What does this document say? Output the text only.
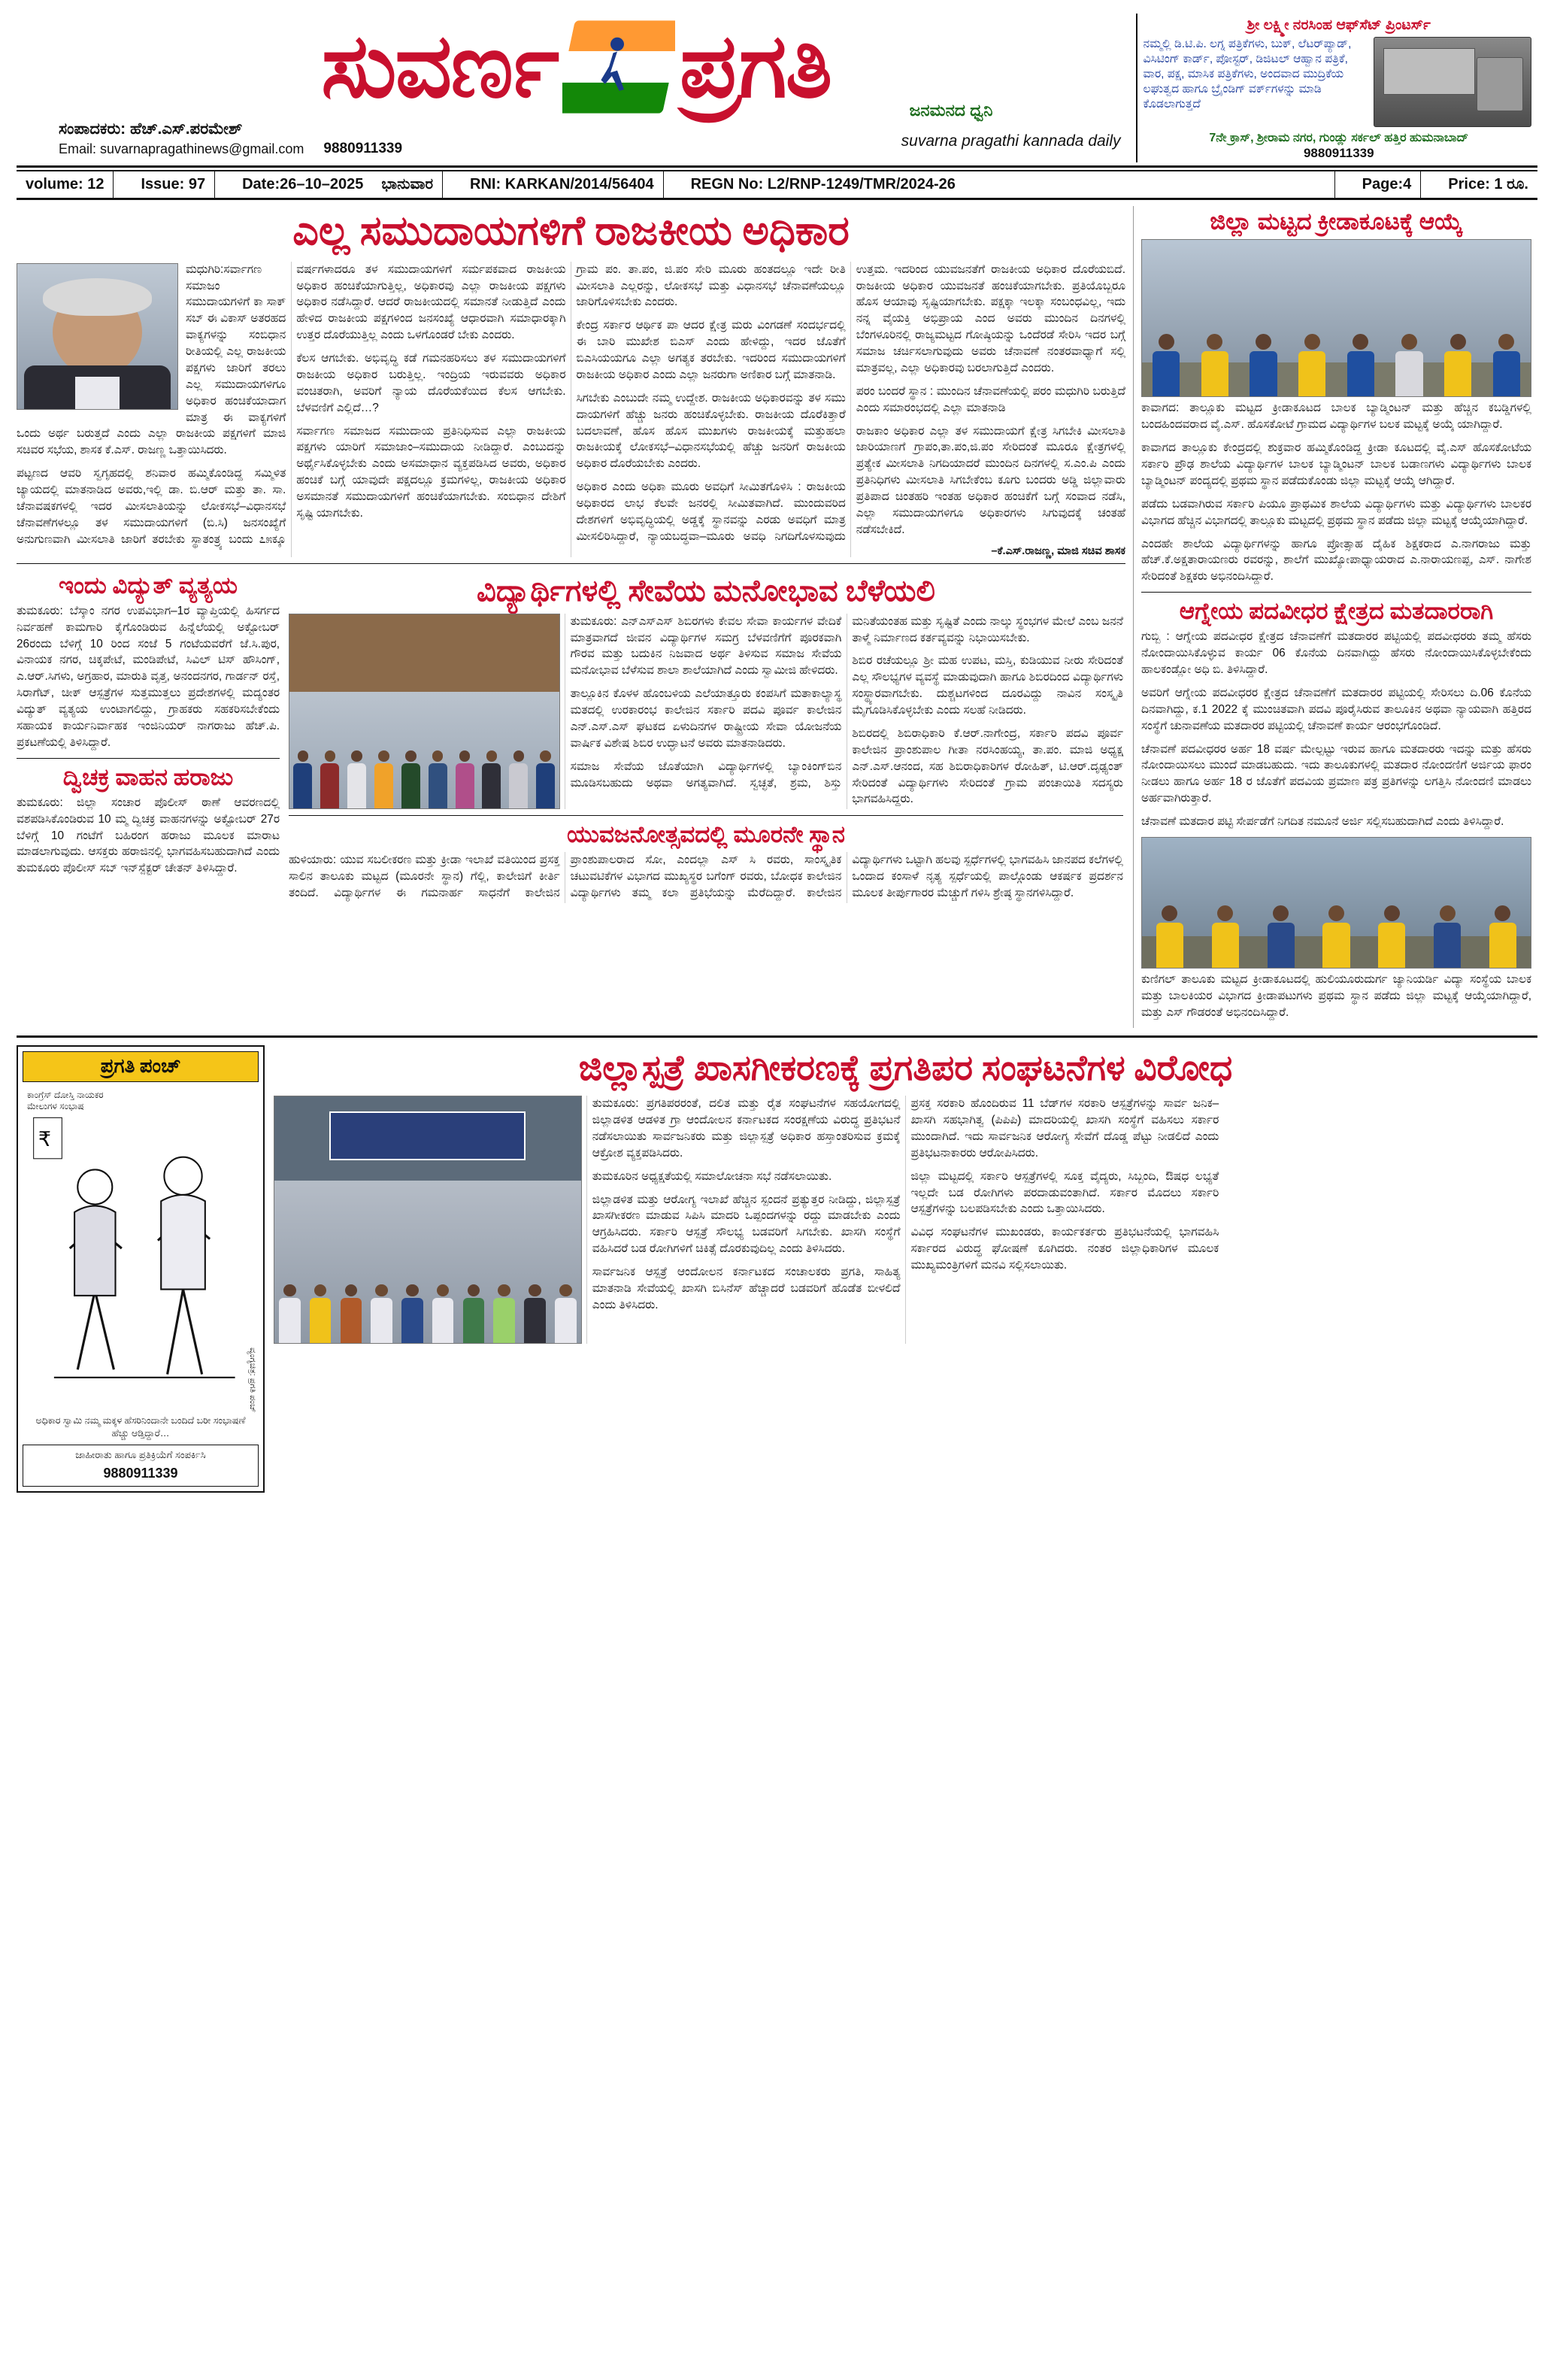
ಸುವರ್ಣ ಪ್ರಗತಿ	ಜನಮನದ ಧ್ವನಿ
ಸಂಪಾದಕರು: ಹೆಚ್.ಎಸ್.ಪರಮೇಶ್
Email: suvarnapragathinews@gmail.com 9880911339	suvarna pragathi kannada daily
ಶ್ರೀ ಲಕ್ಷ್ಮೀ ನರಸಿಂಹ ಆಫ್‌ಸೆಟ್ ಪ್ರಿಂಟರ್ಸ್
ನಮ್ಮಲ್ಲಿ ಡಿ.ಟಿ.ಪಿ. ಲಗ್ನ ಪತ್ರಿಕೆಗಳು, ಬುಕ್, ಲೆಟರ್‌ಪ್ಯಾಡ್, ವಿಸಿಟಿಂಗ್ ಕಾರ್ಡ್, ಪೋಸ್ಟರ್, ಡಿಜಿಟಲ್ ಆಹ್ವಾನ ಪತ್ರಿಕೆ, ವಾರ, ಪಕ್ಷ, ಮಾಸಿಕ ಪತ್ರಿಕೆಗಳು, ಅಂದವಾದ ಮುದ್ರಿಕೆಯ ಲಘುತ್ವದ ಹಾಗೂ ಬ್ರೈಂಡಿಗ್ ವರ್ಕ್‌ಗಳನ್ನು ಮಾಡಿ ಕೊಡಲಾಗುತ್ತದೆ
7ನೇ ಕ್ರಾಸ್, ಶ್ರೀರಾಮ ನಗರ, ಗುಂಡ್ಲು ಸರ್ಕಲ್ ಹತ್ತಿರ ಹುಮನಾಬಾದ್
9880911339
volume: 12	Issue: 97	Date:26–10–2025	ಭಾನುವಾರ	RNI: KARKAN/2014/56404	REGN No: L2/RNP-1249/TMR/2024-26	Page:4	Price: 1 ರೂ.
ಎಲ್ಲ ಸಮುದಾಯಗಳಿಗೆ ರಾಜಕೀಯ ಅಧಿಕಾರ

ಮಧುಗಿರಿ:ಸರ್ವಾಗಣ ಸಮಾಜಂ ಸಮುದಾಯಗಳಿಗೆ ಕಾ ಸಾಕ್ ಸಬ್ ಈ ವಿಕಾಸ್ ಅತರಹದ ವಾಕ್ಯಗಳನ್ನು ಸಂಬಿಧಾನ ರೀತಿಯಲ್ಲಿ ಎಲ್ಲ ರಾಜಕೀಯ ಪಕ್ಷಗಳು ಜಾರಿಗೆ ತರಲು ಎಲ್ಲ ಸಮುದಾಯಗಳಿಗೂ ಅಧಿಕಾರ ಹಂಚಿಕೆಯಾದಾಗ ಮಾತ್ರ ಈ ವಾಕ್ಯಗಳಿಗೆ ಒಂದು ಅರ್ಥ ಬರುತ್ತದೆ ಎಂದು ಎಲ್ಲಾ ರಾಜಕೀಯ ಪಕ್ಷಗಳಿಗೆ ಮಾಜಿ ಸಚಿವರ ಸಭೆಯ, ಶಾಸಕ ಕೆ.ಎಸ್. ರಾಜಣ್ಣ ಒತ್ತಾಯಿಸಿದರು.

ಪಟ್ಟಣದ ಆವರಿ ಸ್ವಗೃಹದಲ್ಲಿ ಶನಿವಾರ ಹಮ್ಮಿಕೊಂಡಿದ್ದ ಸಮ್ಮಿಳಿತ ಜ್ಯಾಯದಲ್ಲಿ ಮಾತನಾಡಿದ ಅವರು,ಇಲ್ಲಿ ಡಾ. ಬಿ.ಆರ್ ಮತ್ತು ತಾ. ಸಾ. ಚೆನಾವಷಕಗಳಲ್ಲಿ ಇದರ ಮೀಸಲಾತಿಯನ್ನು ಲೋಕಸಭೆ–ವಿಧಾನಸಭೆ ಚೆನಾವಣೆಗಳಲ್ಲೂ ತಳ ಸಮುದಾಯಗಳಿಗೆ (ಬಿ.ಸಿ) ಜನಸಂಖ್ಯೆಗೆ ಅನುಗುಣವಾಗಿ ಮೀಸಲಾತಿ ಜಾರಿಗೆ ತರಬೇಕು ಸ್ಥಾತಂತ್ರ್ಯ ಬಂದು ೭೫ಕ್ಕೂ ವರ್ಷಗಳಾದರೂ ತಳ ಸಮುದಾಯಗಳಿಗೆ ಸರ್ಮಪಕವಾದ ರಾಜಕೀಯ ಅಧಿಕಾರ ಹಂಚಿಕೆಯಾಗುತ್ತಿಲ್ಲ, ಅಧಿಕಾರವು ಎಲ್ಲಾ ರಾಜಕೀಯ ಪಕ್ಷಗಳು ಅಧಿಕಾರ ನಡೆಸಿದ್ದಾರೆ. ಆದರೆ ರಾಜಕೀಯದಲ್ಲಿ ಸಮಾನತೆ ನೀಡುತ್ತಿದೆ ಎಂದು ಹೇಳಿದ ರಾಜಕೀಯ ಪಕ್ಷಗಳಿಂದ ಜನಸಂಖ್ಯೆ ಆಧಾರವಾಗಿ ಸಮಾಧಾರಕ್ಕಾಗಿ ಉತ್ತರ ದೊರೆಯುತ್ತಿಲ್ಲ ಎಂದು ಒಳಗೊಂಡರೆ ಬೇಕು ಎಂದರು.

ಕೆಲಸ ಆಗಬೇಕು. ಅಭಿವೃದ್ಧಿ ಕಡೆ ಗಮನಹರಿಸಲು ತಳ ಸಮುದಾಯಗಳಿಗೆ ರಾಜಕೀಯ ಅಧಿಕಾರ ಬರುತ್ತಿಲ್ಲ. ಇಂದ್ರಿಯ ಇರುವವರು ಅಧಿಕಾರ ವಂಚಿತರಾಗಿ, ಅವರಿಗೆ ನ್ಯಾಯ ದೊರೆಯಕೆಯಿದ ಕೆಲಸ ಆಗಬೇಕು. ಬೆಳವಣಿಗೆ ಎಲ್ಲಿದೆ…?

ಸರ್ವಾಗಣ ಸಮಾಜದ ಸಮುದಾಯ ಪ್ರತಿನಿಧಿಸುವ ಎಲ್ಲಾ ರಾಜಕೀಯ ಪಕ್ಷಗಳು ಯಾರಿಗೆ ಸಮಾಜಾಂ–ಸಮುದಾಯ ನೀಡಿದ್ದಾರೆ. ಎಂಬುದನ್ನು ಅರ್ಥೈಸಿಕೊಳ್ಳಬೇಕು ಎಂದು ಅಸಮಾಧಾನ ವ್ಯಕ್ತಪಡಿಸಿದ ಅವರು, ಅಧಿಕಾರ ಹಂಚಿಕೆ ಬಗ್ಗೆ ಯಾವುದೇ ಪಕ್ಷದಲ್ಲೂ ಕ್ರಮಗಳಿಲ್ಲ, ರಾಜಕೀಯ ಅಧಿಕಾರ ಅಸಮಾನತೆ ಸಮುದಾಯಗಳಿಗೆ ಹಂಚಿಕೆಯಾಗಬೇಕು. ಸಂಬಿಧಾನ ದೇಶಿಗೆ ಸೃಷ್ಟಿ ಯಾಗಬೇಕು.

ಗ್ರಾಮ ಪಂ. ತಾ.ಪಂ, ಜಿ.ಪಂ ಸೇರಿ ಮೂರು ಹಂತದಲ್ಲೂ ಇದೇ ರೀತಿ ಮೀಸಲಾತಿ ಎಲ್ಲರನ್ನು, ಲೋಕಸಭೆ ಮತ್ತು ವಿಧಾನಸಭೆ ಚೆನಾವಣೆಯಲ್ಲೂ ಜಾರಿಗೊಳಿಸಬೇಕು ಎಂದರು.

ಕೇಂದ್ರ ಸರ್ಕಾರ ಆರ್ಥಿಕ ಪಾ ಆದರ ಕ್ಷೇತ್ರ ಮರು ವಿಂಗಡಣೆ ಸಂದರ್ಭದಲ್ಲಿ ಈ ಬಾರಿ ಮುಖೇಶ ಬಿಎಸ್ ಎಂದು ಹೇಳಿದ್ದು, ಇದರ ಜೊತೆಗೆ ಬಿಎಸಿಯಯಗೂ ಎಲ್ಲಾ ಅಗತ್ಯಕ ತರಬೇಕು. ಇದರಿಂದ ಸಮುದಾಯಗಳಿಗೆ ರಾಜಕೀಯ ಅಧಿಕಾರ ಎಂದು ಎಲ್ಲಾ ಜನರುಗಾ ಅಣಿಕಾರ ಬಗ್ಗೆ ಮಾತನಾಡಿ.

ಸಿಗಬೇಕು ಎಂಬುದೇ ನಮ್ಮ ಉದ್ದೇಶ. ರಾಜಕೀಯ ಅಧಿಕಾರವನ್ನು ತಳ ಸಮು ದಾಯಗಳಿಗೆ ಹೆಚ್ಚು ಜನರು ಹಂಚಿಕೊಳ್ಳಬೇಕು. ರಾಜಕೀಯ ದೊರೆಕಿತ್ತಾರೆ ಬದಲಾವಣೆ, ಹೊಸ ಹೊಸ ಮುಖಗಳು ರಾಜಕೀಯಕ್ಕೆ ಮತ್ತುಹಲಾ ರಾಜಕೀಯಕ್ಕೆ ಲೋಕಸಭೆ–ವಿಧಾನಸಭೆಯಲ್ಲಿ ಹೆಚ್ಚು ಜನರಿಗೆ ರಾಜಕೀಯ ಅಧಿಕಾರ ದೊರೆಯಬೇಕು ಎಂದರು.

ಅಧಿಕಾರ ಎಂದು ಅಧಿಕಾ ಮೂರು ಅವಧಿಗೆ ಸೀಮಿತಗೊಳಿಸಿ : ರಾಜಕೀಯ ಅಧಿಕಾರದ ಲಾಭ ಕೆಲವೇ ಜನರಲ್ಲಿ ಸೀಮಿತವಾಗಿದೆ. ಮುಂದುವರಿದ ದೇಶಗಳಿಗೆ ಅಭಿವೃದ್ಧಿಯಲ್ಲಿ ಅಡ್ಡಕ್ಕೆ ಸ್ಥಾನವನ್ನು ಎರಡು ಅವಧಿಗೆ ಮಾತ್ರ ಮೀಸಲಿರಿಸಿದ್ದಾರೆ, ನ್ಯಾಯಬದ್ಧವಾ–ಮೂರು ಅವಧಿ ನಿಗದಿಗೊಳಸುವುದು ಉತ್ತಮ. ಇದರಿಂದ ಯುವಜನತೆಗೆ ರಾಜಕೀಯ ಅಧಿಕಾರ ದೊರೆಯಬಿದೆ. ರಾಜಕೀಯ ಅಧಿಕಾರ ಯುವಜನತೆ ಹಂಚಿಕೆಯಾಗಬೇಕು. ಪ್ರತಿಯೊಬ್ಬರೂ ಹೊಸ ಆಯಾವು ಸೃಷ್ಟಿಯಾಗಬೇಕು. ಪಕ್ಷಕ್ಕಾ ಇಲಕ್ಕಾ ಸಂಬಂಧವಿಲ್ಲ, ಇದು ನನ್ನ ವೈಯಕ್ತಿ ಅಭಿಪ್ರಾಯ ಎಂದ ಅವರು ಮುಂದಿನ ದಿನಗಳಲ್ಲಿ ಬೆಂಗಳೂರಿನಲ್ಲಿ ರಾಜ್ಯಮಟ್ಟದ ಗೋಷ್ಠಿಯನ್ನು ಒಂದೆರಡೆ ಸೇರಿಸಿ ಇದರ ಬಗ್ಗೆ ಸಮಾಜ ಚರ್ಚಿಸಲಾಗುವುದು ಅವರು ಚೆನಾವಣೆ ನಂತರವಾಧ್ಯಾಗೆ ಸಲ್ಲಿ ಮಾತ್ರವಲ್ಲ, ಎಲ್ಲಾ ಅಧಿಕಾರವು ಬರಲಾಗುತ್ತಿದೆ ಎಂದರು.

ಪರಂ ಬಂದರೆ ಸ್ಥಾನ : ಮುಂದಿನ ಚೆನಾವಣೆಯಲ್ಲಿ ಪರಂ ಮಧುಗಿರಿ ಬರುತ್ತಿದೆ ಎಂದು ಸಮಾರಂಭದಲ್ಲಿ ಎಲ್ಲಾ ಮಾತನಾಡಿ

ರಾಜಕಾಂ ಅಧಿಕಾರ ಎಲ್ಲಾ ತಳ ಸಮುದಾಯಗೆ ಕ್ಷೇತ್ರ ಸಿಗಬೇಕಿ ಮೀಸಲಾತಿ ಜಾರಿಯಾಣಗೆ ಗ್ರಾಪಂ,ತಾ.ಪಂ,ಜಿ.ಪಂ ಸೇರಿದಂತೆ ಮೂರೂ ಕ್ಷೇತ್ರಗಳಲ್ಲಿ ಪ್ರತ್ಯೇಕ ಮೀಸಲಾತಿ ನಿಗದಿಯಾದರೆ ಮುಂದಿನ ದಿನಗಳಲ್ಲಿ ಸ.ಎಂ.ಪಿ ಎಂದು ಪ್ರತಿನಿಧಿಗಳು ಮೀಸಲಾತಿ ಸಿಗಬೇಕೆಂಬ ಕೂಗು ಬಂದರು ಅಡ್ಡಿ ಜಿಲ್ಲಾವಾರು ಪ್ರತಿಪಾದ ಚಿಂತಹರಿ ಇಂತಹ ಅಧಿಕಾರ ಹಂಚಿಕೆಗೆ ಬಗ್ಗೆ ಸಂವಾದ ನಡೆಸಿ, ಎಲ್ಲಾ ಸಮುದಾಯಗಳಿಗೂ ಅಧಿಕಾರಗಳು ಸಿಗುವುದಕ್ಕೆ ಚಂತಹೆ ನಡೆಸಬೇಕಿದೆ.

–ಕೆ.ಎಸ್.ರಾಜಣ್ಣ, ಮಾಜಿ ಸಚಿವ ಶಾಸಕ
ಇಂದು ವಿದ್ಯುತ್ ವ್ಯತ್ಯಯ

ತುಮಕೂರು: ಬೆಸ್ಕಾಂ ನಗರ ಉಪವಿಭಾಗ–1ರ ವ್ಯಾಪ್ತಿಯಲ್ಲಿ ಹಿಸರ್ಗದ ನಿರ್ವಹಣೆ ಕಾಮಗಾರಿ ಕೈಗೊಂಡಿರುವ ಹಿನ್ನೆಲೆಯಲ್ಲಿ ಅಕ್ಟೋಬರ್ 26ರಂದು ಬೆಳಿಗ್ಗೆ 10 ರಿಂದ ಸಂಜೆ 5 ಗಂಟೆಯವರೆಗೆ ಜೆ.ಸಿ.ಪುರ, ವಿನಾಯಕ ನಗರ, ಚಿಕ್ಕಪೇಟೆ, ಮಂಡಿಪೇಟೆ, ಸಿವಿಲ್ ಟಿಸ್‌ ಹೌಸಿಂಗ್, ಎ.ಆರ್.ಸಿಗಳು, ಅಗ್ರಹಾರ, ಮಾರುತಿ ವೃತ್ತ, ಅನಂದನಗರ, ಗಾರ್ಡನ್ ರಸ್ತೆ, ಸಿರಾಗೆಟ್, ಚೀಕ್ ಆಸ್ಪತ್ರೆಗಳ ಸುತ್ತಮುತ್ತಲು ಪ್ರದೇಶಗಳಲ್ಲಿ ಮದ್ಯಂತರ ವಿದ್ಯುತ್ ವ್ಯತ್ಯಯ ಉಂಟಾಗಲಿದ್ದು, ಗ್ರಾಹಕರು ಸಹಕರಿಸಬೇಕೆಂದು ಸಹಾಯಕ ಕಾರ್ಯನಿರ್ವಾಹಕ ಇಂಜಿನಿಯರ್ ನಾಗರಾಜು ಹೆಚ್.ಪಿ. ಪ್ರಕಟಣೆಯಲ್ಲಿ ತಿಳಿಸಿದ್ದಾರೆ.

ದ್ವಿಚಕ್ರ ವಾಹನ ಹರಾಜು

ತುಮಕೂರು: ಜಿಲ್ಲಾ ಸಂಚಾರ ಪೊಲೀಸ್ ಠಾಣೆ ಆವರಣದಲ್ಲಿ ವಶಪಡಿಸಿಕೊಂಡಿರುವ 10 ಮ್ಮ ದ್ವಿಚಕ್ರ ವಾಹನಗಳನ್ನು ಅಕ್ಟೋಬರ್ 27ರ ಬೆಳಿಗ್ಗೆ 10 ಗಂಟೆಗೆ ಬಹಿರಂಗ ಹರಾಜು ಮೂಲಕ ಮಾರಾಟ ಮಾಡಲಾಗುವುದು. ಆಸಕ್ತರು ಹರಾಜಿನಲ್ಲಿ ಭಾಗವಹಿಸಬಹುದಾಗಿದೆ ಎಂದು ತುಮಕೂರು ಪೊಲೀಸ್ ಸಬ್ ಇನ್‌ಸ್ಪೆಕ್ಟರ್ ಚೇತನ್ ತಿಳಿಸಿದ್ದಾರೆ.

ವಿದ್ಯಾರ್ಥಿಗಳಲ್ಲಿ ಸೇವೆಯ ಮನೋಭಾವ ಬೆಳೆಯಲಿ

ತುಮಕೂರು: ಎನ್‌ಎಸ್‌ಎಸ್ ಶಿಬಿರಗಳು ಕೇವಲ ಸೇವಾ ಕಾರ್ಯಗಳ ವೇದಿಕೆ ಮಾತ್ರವಾಗದೆ ಜೀವನ ವಿದ್ಯಾರ್ಥಿಗಳ ಸಮಗ್ರ ಬೆಳವಣಿಗೆಗೆ ಪೂರಕವಾಗಿ ಗೌರವ ಮತ್ತು ಬದುಕಿನ ನಿಜವಾದ ಅರ್ಥ ತಿಳಿಸುವ ಸಮಾಜ ಸೇವೆಯ ಮನೋಭಾವ ಬೆಳೆಸುವ ಶಾಲಾ ಶಾಲೆಯಾಗಿದೆ ಎಂದು ಸ್ವಾಮೀಜಿ ಹೇಳಿದರು.

ತಾಲ್ಲೂಕಿನ ಕೊಳಳ ಹೊಂಬಳಿಯ ಎಲೆಯಾತ್ತೂರು ಕಂಪಸಿಗೆ ಮತಾಕಾಲ್ಯಾಸ್ಥ ಮತದಲ್ಲಿ ಉರಕಾರಂಭ ಕಾಲೇಜಿನ ಸರ್ಕಾರಿ ಪದವಿ ಪೂರ್ವ ಕಾಲೇಜಿನ ಎನ್.ಎಸ್.ಎಸ್ ಘಟಕದ ಏಳುದಿನಗಳ ರಾಷ್ಟ್ರೀಯ ಸೇವಾ ಯೋಜನೆಯ ವಾರ್ಷಿಕ ವಿಶೇಷ ಶಿಬಿರ ಉದ್ಘಾಟನೆ ಅವರು ಮಾತನಾಡಿದರು.

ಸಮಾಜ ಸೇವೆಯ ಜೊತೆಯಾಗಿ ವಿದ್ಯಾರ್ಥಿಗಳಲ್ಲಿ ಬ್ಯಾಂಕಿಂಗ್‌ಬಿನ ಮೂಡಿಸಬಹುದು ಅಥವಾ ಅಗತ್ಯವಾಗಿದೆ. ಸ್ವಚ್ಛತೆ, ಶ್ರಮ, ಶಿಸ್ತು ಮನಿತೆಯಂತಹ ಮತ್ತು ಸೃಷ್ಟಿತೆ ಎಂದು ನಾಲ್ಕು ಸ್ಥಂಭಗಳ ಮೇಲೆ ಎಂಬ ಜನನೆ ತಾಳ್ಮೆ ನಿರ್ಮಾಣದ ಕರ್ತವ್ಯವನ್ನು ನಿಭಾಯಿಸಬೇಕು.

ಶಿಬಿರ ರಚೆಯಲ್ಲೂ ಶ್ರೀ ಮಹ ಉಪಟ, ಮಸ್ತಿ, ಕುಡಿಯುವ ನೀರು ಸೇರಿದಂತೆ ಎಲ್ಲ ಸೌಲಭ್ಯಗಳ ವ್ಯವಸ್ಥೆ ಮಾಡುವುದಾಗಿ ಹಾಗೂ ಶಿಬಿರದಿಂದ ವಿದ್ಯಾರ್ಥಿಗಳು ಸಂಸ್ಥ್ಯಾರವಾಗಬೇಕು. ದುಶ್ಚಟಗಳಿಂದ ದೂರವಿದ್ದು ನಾವಿನ ಸಂಸ್ಕೃತಿ ಮೈಗೂಡಿಸಿಕೊಳ್ಳಬೇಕು ಎಂದು ಸಲಹೆ ನೀಡಿದರು.

ಶಿಬಿರದಲ್ಲಿ ಶಿಬಿರಾಧಿಕಾರಿ ಕೆ.ಆರ್.ನಾಗೇಂದ್ರ, ಸರ್ಕಾರಿ ಪದವಿ ಪೂರ್ವ ಕಾಲೇಜಿನ ಪ್ರಾಂಶುಪಾಲ ಗೀತಾ ನರಸಿಂಹಯ್ಯ, ತಾ.ಪಂ. ಮಾಜಿ ಅಧ್ಯಕ್ಷ ಎನ್.ಎಸ್.ಆನಂದ, ಸಹ ಶಿಬಿರಾಧಿಕಾರಿಗಳ ರೋಹಿತ್, ಟಿ.ಆರ್.ದೃಢ್ಯಂತ್ ಸೇರಿದಂತೆ ವಿದ್ಯಾರ್ಥಿಗಳು ಸೇರಿದಂತೆ ಗ್ರಾಮ ಪಂಚಾಯಿತಿ ಸದಸ್ಯರು ಭಾಗವಹಿಸಿದ್ದರು.

ಯುವಜನೋತ್ಸವದಲ್ಲಿ ಮೂರನೇ ಸ್ಥಾನ

ಹುಳಿಯಾರು: ಯುವ ಸಬಲೀಕರಣ ಮತ್ತು ಕ್ರೀಡಾ ಇಲಾಖೆ ವತಿಯಿಂದ ಪ್ರಸಕ್ತ ಸಾಲಿನ ತಾಲೂಕು ಮಟ್ಟದ (ಮೂರನೇ ಸ್ಥಾನ) ಗೆಲ್ಲಿ, ಕಾಲೇಜಿಗೆ ಕೀರ್ತಿ ತಂದಿದೆ. ವಿದ್ಯಾರ್ಥಿಗಳ ಈ ಗಮನಾರ್ಹ ಸಾಧನೆಗೆ ಕಾಲೇಜಿನ ಪ್ರಾಂಶುಪಾಲರಾದ ಸೋ, ಎಂದಲ್ಲಾ ಎಸ್ ಸಿ ರವರು, ಸಾಂಸ್ಕೃತಿಕ ಚಟುವಟಿಕೆಗಳ ವಿಭಾಗದ ಮುಖ್ಯಸ್ಥರ ಬಗೆಂಗ್ ರವರು, ಬೋಧಕ ಕಾಲೇಜಿನ ವಿದ್ಯಾರ್ಥಿಗಳು ತಮ್ಮ ಕಲಾ ಪ್ರತಿಭೆಯನ್ನು ಮೆರೆದಿದ್ದಾರೆ. ಕಾಲೇಜಿನ ವಿದ್ಯಾರ್ಥಿಗಳು ಒಟ್ಟಾಗಿ ಹಲವು ಸ್ಪರ್ಧೆಗಳಲ್ಲಿ ಭಾಗವಹಿಸಿ ಜಾನಪದ ಕಲೆಗಳಲ್ಲಿ ಒಂದಾದ ಕಂಸಾಳೆ ನೃತ್ಯ ಸ್ಪರ್ಧೆಯಲ್ಲಿ ಪಾಲ್ಗೊಂಡು ಆಕರ್ಷಕ ಪ್ರದರ್ಶನ ಮೂಲಕ ತೀರ್ಪುಗಾರರ ಮೆಚ್ಚುಗೆ ಗಳಿಸಿ ಶ್ರೇಷ್ಠ ಸ್ಥಾನಗಳಿಸಿದ್ದಾರೆ.

ಜಿಲ್ಲಾ ಮಟ್ಟದ ಕ್ರೀಡಾಕೂಟಕ್ಕೆ ಆಯ್ಕೆ

ಕಾವಾಗದ: ತಾಲ್ಲೂಕು ಮಟ್ಟದ ಕ್ರೀಡಾಕೂಟದ ಬಾಲಕ ಬ್ಯಾಡ್ಮಿಂಟನ್ ಮತ್ತು ಹೆಚ್ಚಿನ ಕಬಡ್ಡಿಗಳಲ್ಲಿ ಬಂದಹಿಂದವರಾದ ವೈ.ಎಸ್. ಹೊಸಕೋಟೆ ಗ್ರಾಮದ ವಿದ್ಯಾರ್ಥಿಗಳ ಬಲಕ ಮಟ್ಟಕ್ಕೆ ಅಯ್ಕೆ ಯಾಗಿದ್ದಾರೆ.

ಕಾವಾಗದ ತಾಲ್ಲೂಕು ಕೇಂದ್ರದಲ್ಲಿ ಶುಕ್ರವಾರ ಹಮ್ಮಿಕೊಂಡಿದ್ದ ಕ್ರೀಡಾ ಕೂಟದಲ್ಲಿ ವೈ.ಎಸ್ ಹೊಸಕೋಟೆಯ ಸರ್ಕಾರಿ ಪ್ರೌಢ ಶಾಲೆಯ ವಿದ್ಯಾರ್ಥಿಗಳ ಬಾಲಕ ಬ್ಯಾಡ್ಮಿಂಟನ್ ಬಾಲಕ ಬಡಾಣಗಳು ವಿದ್ಯಾರ್ಥಿಗಳು ಬಾಲಕ ಬ್ಯಾಡ್ಮಿಂಟನ್ ಪಂದ್ಯದಲ್ಲಿ ಪ್ರಥಮ ಸ್ಥಾನ ಪಡೆದುಕೊಂಡು ಜಿಲ್ಲಾ ಮಟ್ಟಕ್ಕೆ ಆಯ್ಕೆ ಆಗಿದ್ದಾರೆ.

ಪಡೆದು ಬಡವಾಗಿರುವ ಸರ್ಕಾರಿ ಪಿಯೂ ಪ್ರಾಥಮಿಕ ಶಾಲೆಯ ವಿದ್ಯಾರ್ಥಿಗಳು ಮತ್ತು ವಿದ್ಯಾರ್ಥಿಗಳು ಬಾಲಕರ ವಿಭಾಗದ ಹೆಚ್ಚಿನ ವಿಭಾಗದಲ್ಲಿ ತಾಲ್ಲೂಕು ಮಟ್ಟದಲ್ಲಿ ಪ್ರಥಮ ಸ್ಥಾನ ಪಡೆದು ಜಿಲ್ಲಾ ಮಟ್ಟಕ್ಕೆ ಆಯ್ಕೆಯಾಗಿದ್ದಾರೆ.

ಎಂದಹೇ ಶಾಲೆಯ ವಿದ್ಯಾರ್ಥಿಗಳನ್ನು ಹಾಗೂ ಪ್ರೋತ್ಸಾಹ ದೈಹಿಕ ಶಿಕ್ಷಕರಾದ ಎ.ನಾಗರಾಜು ಮತ್ತು ಹೆಚ್.ಕೆ.ಅಕ್ಷತಾರಾಯಣರು ರವರನ್ನು, ಶಾಲೆಗೆ ಮುಖ್ಯೋಪಾಧ್ಯಾಯರಾದ ಎ.ನಾರಾಯಣಪ್ಪ, ಎಸ್. ನಾಗೇಶ ಸೇರಿದಂತೆ ಶಿಕ್ಷಕರು ಅಭಿನಂದಿಸಿದ್ದಾರೆ.

ಆಗ್ನೇಯ ಪದವೀಧರ ಕ್ಷೇತ್ರದ ಮತದಾರರಾಗಿ

ಗುಬ್ಬಿ : ಆಗ್ನೇಯ ಪದವೀಧರ ಕ್ಷೇತ್ರದ ಚೆನಾವಣೆಗೆ ಮತದಾರರ ಪಟ್ಟಿಯಲ್ಲಿ ಪದವೀಧರರು ತಮ್ಮ ಹೆಸರು ನೋಂದಾಯಿಸಿಕೊಳ್ಳುವ ಕಾರ್ಯ 06 ಕೊನೆಯ ದಿನವಾಗಿದ್ದು ಹೆಸರು ನೋಂದಾಯಿಸಿಕೊಳ್ಳಬೇಕೆಂದು ಹಾಲಕಂಡ್ಲೋ ಅಧಿ ಬಿ. ತಿಳಿಸಿದ್ದಾರೆ.

ಅವರಿಗೆ ಆಗ್ನೇಯ ಪದವೀಧರರ ಕ್ಷೇತ್ರದ ಚೆನಾವಣೆಗೆ ಮತದಾರರ ಪಟ್ಟಿಯಲ್ಲಿ ಸೇರಿಸಲು ದಿ.06 ಕೊನೆಯ ದಿನವಾಗಿದ್ದು, ಕ.1 2022 ಕ್ಕೆ ಮುಂಚಿತವಾಗಿ ಪದವಿ ಪೂರೈಸಿರುವ ತಾಲೂಕಿನ ಅಥವಾ ನ್ಯಾಯವಾಗಿ ಹತ್ತಿರದ ಸಂಸ್ಥೆಗೆ ಚುನಾವಣೆಯ ಮತದಾರರ ಪಟ್ಟಿಯಲ್ಲಿ ಚೆನಾವಣೆ ಕಾರ್ಯ ಆರಂಭಗೊಂಡಿದೆ.

ಚೆನಾವಣೆ ಪದವೀಧರರ ಅರ್ಹ 18 ವರ್ಷ ಮೇಲ್ಪಟ್ಟು ಇರುವ ಹಾಗೂ ಮತದಾರರು ಇದನ್ನು ಮತ್ತು ಹೆಸರು ನೋಂದಾಯಿಸಲು ಮುಂದೆ ಮಾಡಬಹುದು. ಇದು ತಾಲೂಕುಗಳಲ್ಲಿ ಮತದಾರ ನೋಂದಣಿಗೆ ಅರ್ಜಿಯ ಫಾರಂ ನೀಡಲು ಹಾಗೂ ಅರ್ಹ 18 ರ ಜೊತೆಗೆ ಪದವಿಯ ಪ್ರಮಾಣ ಪತ್ರ ಪ್ರತಿಗಳನ್ನು ಲಗತ್ತಿಸಿ ನೋಂದಣಿ ಮಾಡಲು ಅರ್ಹವಾಗಿರುತ್ತಾರೆ.

ಚೆನಾವಣೆ ಮತದಾರ ಪಟ್ಟಿ ಸೇರ್ಪಡೆಗೆ ನಿಗದಿತ ನಮೂನೆ ಅರ್ಜಿ ಸಲ್ಲಿಸಬಹುದಾಗಿದೆ ಎಂದು ತಿಳಿಸಿದ್ದಾರೆ.

ಕುಣಿಗಲ್ ತಾಲೂಕು ಮಟ್ಟದ ಕ್ರೀಡಾಕೂಟದಲ್ಲಿ ಹುಲಿಯೂರುದುರ್ಗ ಜ್ಯಾನಿಯರ್ಡಿ ವಿದ್ಯಾ ಸಂಸ್ಥೆಯ ಬಾಲಕ ಮತ್ತು ಬಾಲಕಿಯರ ವಿಭಾಗದ ಕ್ರೀಡಾಪಟುಗಳು ಪ್ರಥಮ ಸ್ಥಾನ ಪಡೆದು ಜಿಲ್ಲಾ ಮಟ್ಟಕ್ಕೆ ಆಯ್ಕೆಯಾಗಿದ್ದಾರೆ, ಮತ್ತು ಎಸ್ ಗೌಡರಂತೆ ಅಭಿನಂದಿಸಿದ್ದಾರೆ.

ಪ್ರಗತಿ ಪಂಚ್
ಕಾಂಗ್ರೆಸ್ ದೋಸ್ತಿ ನಾಯಕರ ಮೇಲುಗಳ ಸಂಭಾಷ
₹
ವ್ಯಂಗ್ಯಚಿತ್ರ: ಪ್ರಗತಿ ಪಂಚ್
ಅಧಿಕಾರ ಸ್ವಾಮಿ ನಮ್ಮ ಮಕ್ಕಳ ಹೆಸರಿನಿಂದಾನೇ ಬಂದಿದೆ ಬರೀ ಸಂಭಾಷಣೆ ಹೆಚ್ಚು ಆಡ್ತಿದ್ದಾರೆ…
ಜಾಹೀರಾತು ಹಾಗೂ ಪ್ರತಿಕ್ರಿಯೆಗೆ ಸಂಪರ್ಕಿಸಿ
9880911339
ಜಿಲ್ಲಾಸ್ಪತ್ರೆ ಖಾಸಗೀಕರಣಕ್ಕೆ ಪ್ರಗತಿಪರ ಸಂಘಟನೆಗಳ ವಿರೋಧ

ತುಮಕೂರು: ಪ್ರಗತಿಪರರಂತೆ, ದಲಿತ ಮತ್ತು ರೈತ ಸಂಘಟನೆಗಳ ಸಹಯೋಗದಲ್ಲಿ ಜಿಲ್ಲಾಡಳಿತ ಆಡಳಿತ ಗ್ರಾ ಆಂದೋಲನ ಕರ್ನಾಟಕದ ಸಂರಕ್ಷಣೆಯ ವಿರುದ್ಧ ಪ್ರತಿಭಟನೆ ನಡೆಸಲಾಯಿತು ಸಾರ್ವಜನಿಕರು ಮತ್ತು ಜಿಲ್ಲಾಸ್ಪತ್ರೆ ಅಧಿಕಾರ ಹಸ್ತಾಂತರಿಸುವ ಕ್ರಮಕ್ಕೆ ಆಕ್ರೋಶ ವ್ಯಕ್ತಪಡಿಸಿದರು.

ತುಮಕೂರಿನ ಅಧ್ಯಕ್ಷತೆಯಲ್ಲಿ ಸಮಾಲೋಚನಾ ಸಭೆ ನಡೆಸಲಾಯಿತು.

ಜಿಲ್ಲಾಡಳಿತ ಮತ್ತು ಆರೋಗ್ಯ ಇಲಾಖೆ ಹೆಚ್ಚಿನ ಸ್ಪಂದನೆ ಪ್ರತ್ಯುತ್ತರ ನೀಡಿದ್ದು, ಜಿಲ್ಲಾಸ್ಪತ್ರೆ ಖಾಸಗೀಕರಣ ಮಾಡುವ ಸಿಪಿಸಿ ಮಾದರಿ ಒಪ್ಪಂದಗಳನ್ನು ರದ್ದು ಮಾಡಬೇಕು ಎಂದು ಆಗ್ರಹಿಸಿದರು. ಸರ್ಕಾರಿ ಆಸ್ಪತ್ರೆ ಸೌಲಭ್ಯ ಬಡವರಿಗೆ ಸಿಗಬೇಕು. ಖಾಸಗಿ ಸಂಸ್ಥೆಗೆ ವಹಿಸಿದರೆ ಬಡ ರೋಗಿಗಳಿಗೆ ಚಿಕಿತ್ಸೆ ದೊರಕುವುದಿಲ್ಲ ಎಂದು ತಿಳಿಸಿದರು.

ಸಾರ್ವಜನಿಕ ಆಸ್ಪತ್ರೆ ಆಂದೋಲನ ಕರ್ನಾಟಕದ ಸಂಚಾಲಕರು ಪ್ರಗತಿ, ಸಾಹಿತ್ಯ ಮಾತನಾಡಿ ಸೇವೆಯಲ್ಲಿ ಖಾಸಗಿ ಬಿಸಿನೆಸ್ ಹೆಚ್ಚಾದರೆ ಬಡವರಿಗೆ ಹೊಡೆತ ಬೀಳಲಿದೆ ಎಂದು ತಿಳಿಸಿದರು.

ಪ್ರಸಕ್ತ ಸರಕಾರಿ ಹೊಂದಿರುವ 11 ಬೆಡ್‌ಗಳ ಸರಕಾರಿ ಆಸ್ಪತ್ರೆಗಳನ್ನು ಸಾರ್ವ ಜನಿಕ–ಖಾಸಗಿ ಸಹಭಾಗಿತ್ವ (ಪಿಪಿಪಿ) ಮಾದರಿಯಲ್ಲಿ ಖಾಸಗಿ ಸಂಸ್ಥೆಗೆ ವಹಿಸಲು ಸರ್ಕಾರ ಮುಂದಾಗಿದೆ. ಇದು ಸಾರ್ವಜನಿಕ ಆರೋಗ್ಯ ಸೇವೆಗೆ ದೊಡ್ಡ ಪೆಟ್ಟು ನೀಡಲಿದೆ ಎಂದು ಪ್ರತಿಭಟನಾಕಾರರು ಆರೋಪಿಸಿದರು.

ಜಿಲ್ಲಾ ಮಟ್ಟದಲ್ಲಿ ಸರ್ಕಾರಿ ಆಸ್ಪತ್ರೆಗಳಲ್ಲಿ ಸೂಕ್ತ ವೈದ್ಯರು, ಸಿಬ್ಬಂದಿ, ಔಷಧ ಲಭ್ಯತೆ ಇಲ್ಲದೇ ಬಡ ರೋಗಿಗಳು ಪರದಾಡುವಂತಾಗಿದೆ. ಸರ್ಕಾರ ಮೊದಲು ಸರ್ಕಾರಿ ಆಸ್ಪತ್ರೆಗಳನ್ನು ಬಲಪಡಿಸಬೇಕು ಎಂದು ಒತ್ತಾಯಿಸಿದರು.

ವಿವಿಧ ಸಂಘಟನೆಗಳ ಮುಖಂಡರು, ಕಾರ್ಯಕರ್ತರು ಪ್ರತಿಭಟನೆಯಲ್ಲಿ ಭಾಗವಹಿಸಿ ಸರ್ಕಾರದ ವಿರುದ್ಧ ಘೋಷಣೆ ಕೂಗಿದರು. ನಂತರ ಜಿಲ್ಲಾಧಿಕಾರಿಗಳ ಮೂಲಕ ಮುಖ್ಯಮಂತ್ರಿಗಳಿಗೆ ಮನವಿ ಸಲ್ಲಿಸಲಾಯಿತು.
